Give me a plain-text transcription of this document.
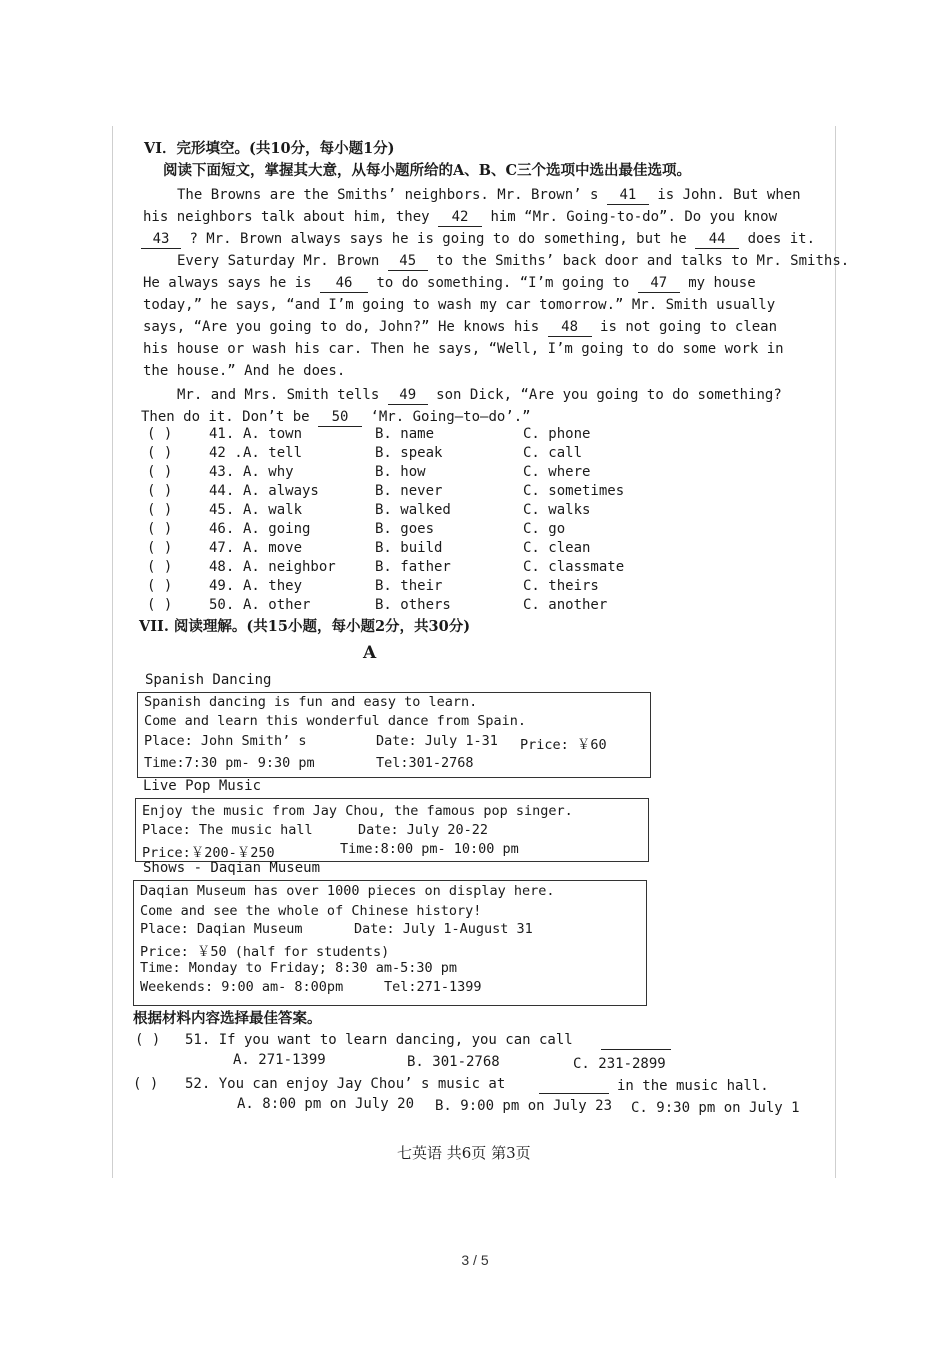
VI．完形填空。(共10分，每小题1分)
阅读下面短文，掌握其大意，从每小题所给的A、B、C三个选项中选出最佳选项。
The Browns are the Smiths’ neighbors. Mr. Brown’ s 41 is John. But when
his neighbors talk about him, they 42 him “Mr. Going-to-do”. Do you know
43 ? Mr. Brown always says he is going to do something, but he 44 does it.
Every Saturday Mr. Brown 45 to the Smiths’ back door and talks to Mr. Smiths.
He always says he is 46 to do something. “I’m going to 47 my house
today,” he says, “and I’m going to wash my car tomorrow.” Mr. Smith usually
says, “Are you going to do, John?” He knows his 48 is not going to clean
his house or wash his car. Then he says, “Well, I’m going to do some work in
the house.” And he does.
Mr. and Mrs. Smith tells 49 son Dick, “Are you going to do something?
Then do it. Don’t be 50 ‘Mr. Going—to—do’.”
( )	41. A. town	B. name	C. phone
( )	42 . A. tell	B. speak	C. call
( )	43. A. why	B. how	C. where
( )	44. A. always	B. never	C. sometimes
( )	45. A. walk	B. walked	C. walks
( )	46. A. going	B. goes	C. go
( )	47. A. move	B. build	C. clean
( )	48. A. neighbor	B. father	C. classmate
( )	49. A. they	B. their	C. theirs
( )	50. A. other	B. others	C. another
VII. 阅读理解。(共15小题，每小题2分，共30分)
A
Spanish Dancing
Spanish dancing is fun and easy to learn.
Come and learn this wonderful dance from Spain.
Place: John Smith’ s	Date: July 1-31 Price: ￥60
Time:7:30 pm- 9:30 pm	Tel:301-2768
Live Pop Music
Enjoy the music from Jay Chou, the famous pop singer.
Place: The music hall	Date: July 20-22
Price:￥200-￥250	Time:8:00 pm- 10:00 pm
Shows - Daqian Museum
Daqian Museum has over 1000 pieces on display here.
Come and see the whole of Chinese history!
Place: Daqian Museum	Date: July 1-August 31
Price: ￥50 (half for students)
Time: Monday to Friday; 8:30 am-5:30 pm
Weekends: 9:00 am- 8:00pm	Tel:271-1399
根据材料内容选择最佳答案。
( ) 51. If you want to learn dancing, you can call
A. 271-1399	B. 301-2768	C. 231-2899
( ) 52. You can enjoy Jay Chou’ s music at	in the music hall.
A. 8:00 pm on July 20 B. 9:00 pm on July 23 C. 9:30 pm on July 1
七英语 共6页 第3页
3 / 5
